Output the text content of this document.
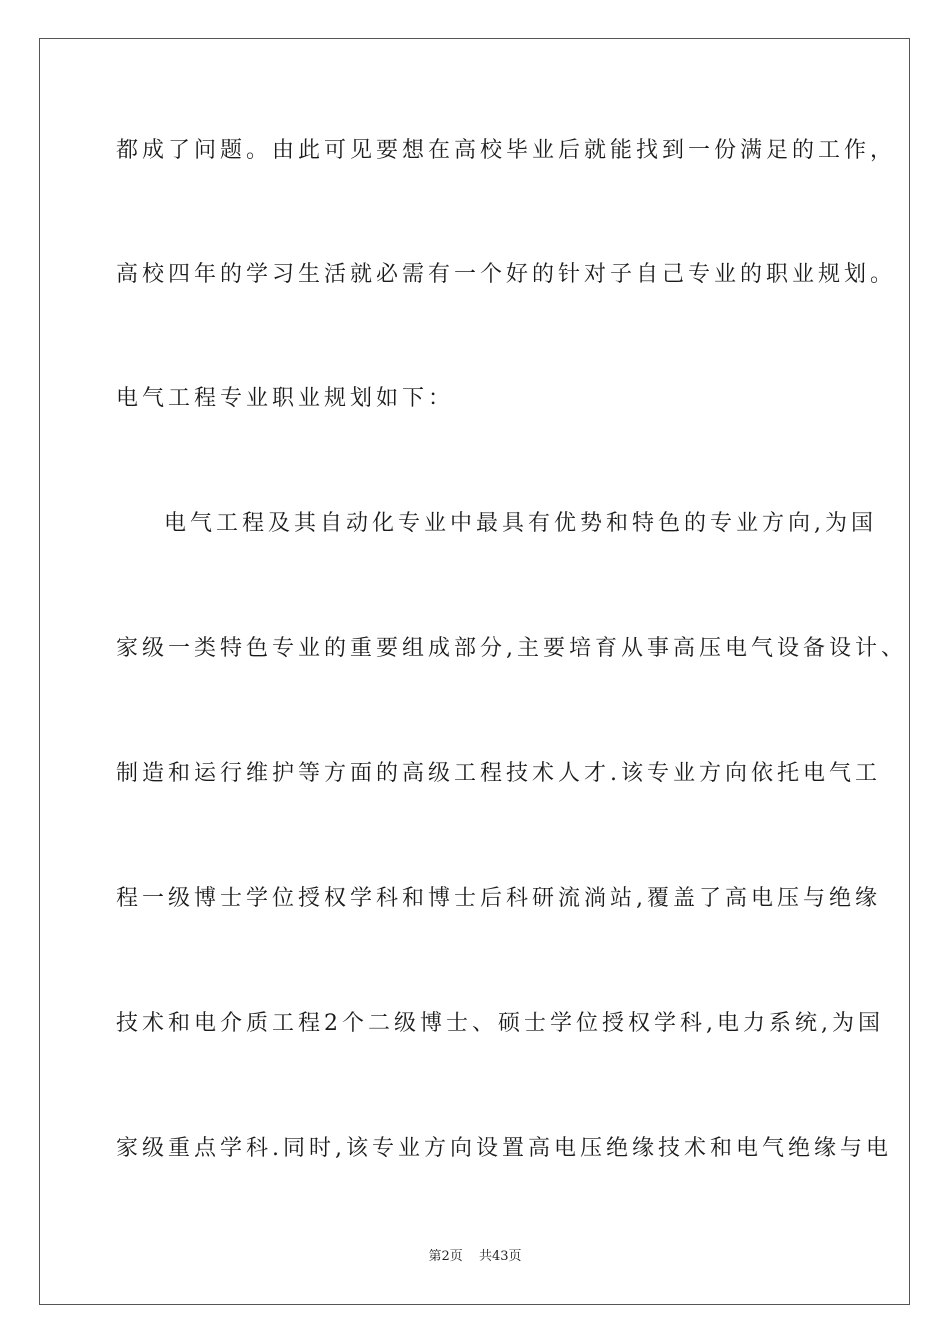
都成了问题。由此可见要想在高校毕业后就能找到一份满足的工作，
高校四年的学习生活就必需有一个好的针对子自己专业的职业规划。
电气工程专业职业规划如下：
电气工程及其自动化专业中最具有优势和特色的专业方向,为国
家级一类特色专业的重要组成部分,主要培育从事高压电气设备设计、
制造和运行维护等方面的高级工程技术人才.该专业方向依托电气工
程一级博士学位授权学科和博士后科研流淌站,覆盖了高电压与绝缘
技术和电介质工程2个二级博士、硕士学位授权学科,电力系统,为国
家级重点学科.同时,该专业方向设置高电压绝缘技术和电气绝缘与电
第2页 共43页
